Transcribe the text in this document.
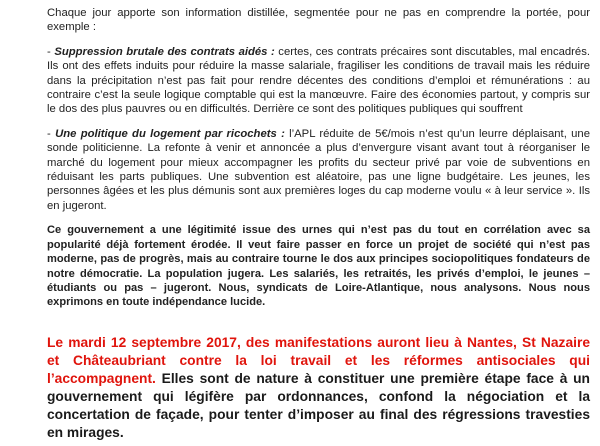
Chaque jour apporte son information distillée, segmentée pour ne pas en comprendre la portée, pour exemple :

- Suppression brutale des contrats aidés : certes, ces contrats précaires sont discutables, mal encadrés. Ils ont des effets induits pour réduire la masse salariale, fragiliser les conditions de travail mais les réduire dans la précipitation n’est pas fait pour rendre décentes des conditions d’emploi et rémunérations : au contraire c’est la seule logique comptable qui est la manœuvre. Faire des économies partout, y compris sur le dos des plus pauvres ou en difficultés. Derrière ce sont des politiques publiques qui souffrent

- Une politique du logement par ricochets : l’APL réduite de 5€/mois n’est qu’un leurre déplaisant, une sonde politicienne. La refonte à venir et annoncée a plus d’envergure visant avant tout à réorganiser le marché du logement pour mieux accompagner les profits du secteur privé par voie de subventions en réduisant les parts publiques. Une subvention est aléatoire, pas une ligne budgétaire. Les jeunes, les personnes âgées et les plus démunis sont aux premières loges du cap moderne voulu « à leur service ». Ils en jugeront.

Ce gouvernement a une légitimité issue des urnes qui n’est pas du tout en corrélation avec sa popularité déjà fortement érodée. Il veut faire passer en force un projet de société qui n’est pas moderne, pas de progrès, mais au contraire tourne le dos aux principes sociopolitiques fondateurs de notre démocratie. La population jugera. Les salariés, les retraités, les privés d’emploi, le jeunes – étudiants ou pas – jugeront. Nous, syndicats de Loire-Atlantique, nous analysons. Nous nous exprimons en toute indépendance lucide.

Le mardi 12 septembre 2017, des manifestations auront lieu à Nantes, St Nazaire et Châteaubriant contre la loi travail et les réformes antisociales qui l’accompagnent. Elles sont de nature à constituer une première étape face à un gouvernement qui légifère par ordonnances, confond la négociation et la concertation de façade, pour tenter d’imposer au final des régressions travesties en mirages.
